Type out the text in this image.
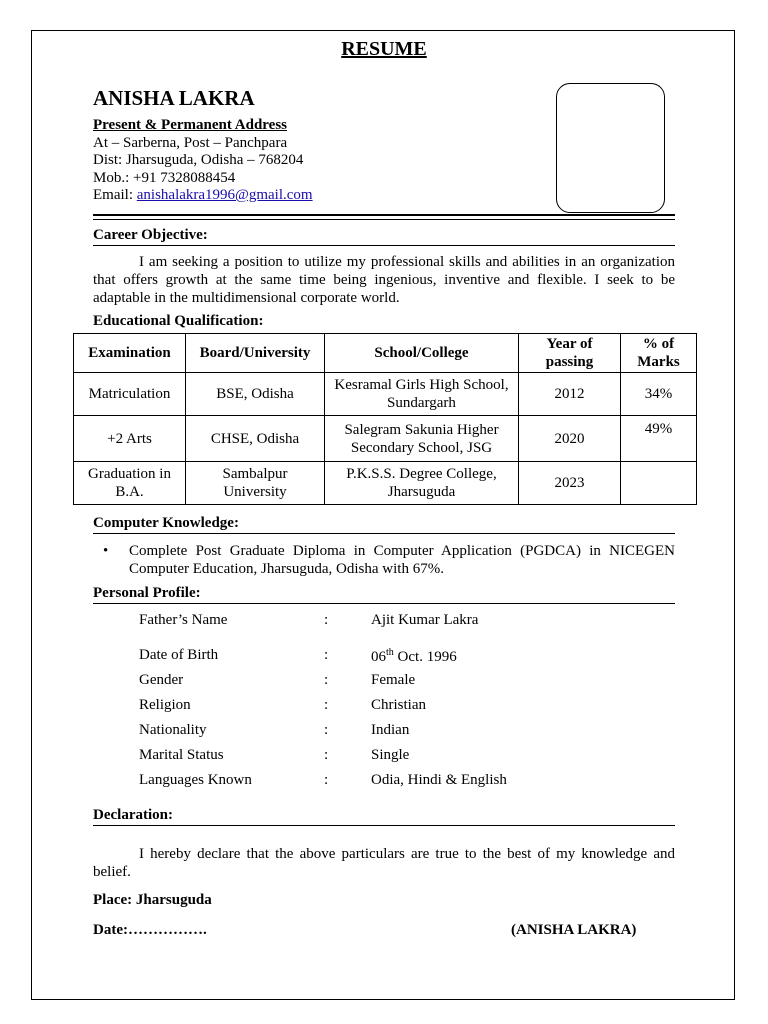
RESUME
ANISHA LAKRA
Present & Permanent Address
At – Sarberna, Post – Panchpara
Dist: Jharsuguda, Odisha – 768204
Mob.: +91 7328088454
Email: anishalakra1996@gmail.com
Career Objective:
I am seeking a position to utilize my professional skills and abilities in an organization that offers growth at the same time being ingenious, inventive and flexible. I seek to be adaptable in the multidimensional corporate world.
Educational Qualification:
Examination	Board/University	School/College	Year of passing	% of Marks
Matriculation	BSE, Odisha	Kesramal Girls High School, Sundargarh	2012	34%
+2 Arts	CHSE, Odisha	Salegram Sakunia Higher Secondary School, JSG	2020	49%
Graduation in B.A.	Sambalpur University	P.K.S.S. Degree College, Jharsuguda	2023	
Computer Knowledge:
• Complete Post Graduate Diploma in Computer Application (PGDCA) in NICEGEN Computer Education, Jharsuguda, Odisha with 67%.
Personal Profile:
Father’s Name	:	Ajit Kumar Lakra
Date of Birth	:	06th Oct. 1996
Gender	:	Female
Religion	:	Christian
Nationality	:	Indian
Marital Status	:	Single
Languages Known	:	Odia, Hindi & English
Declaration:
I hereby declare that the above particulars are true to the best of my knowledge and belief.
Place: Jharsuguda
Date:…………….	(ANISHA LAKRA)
